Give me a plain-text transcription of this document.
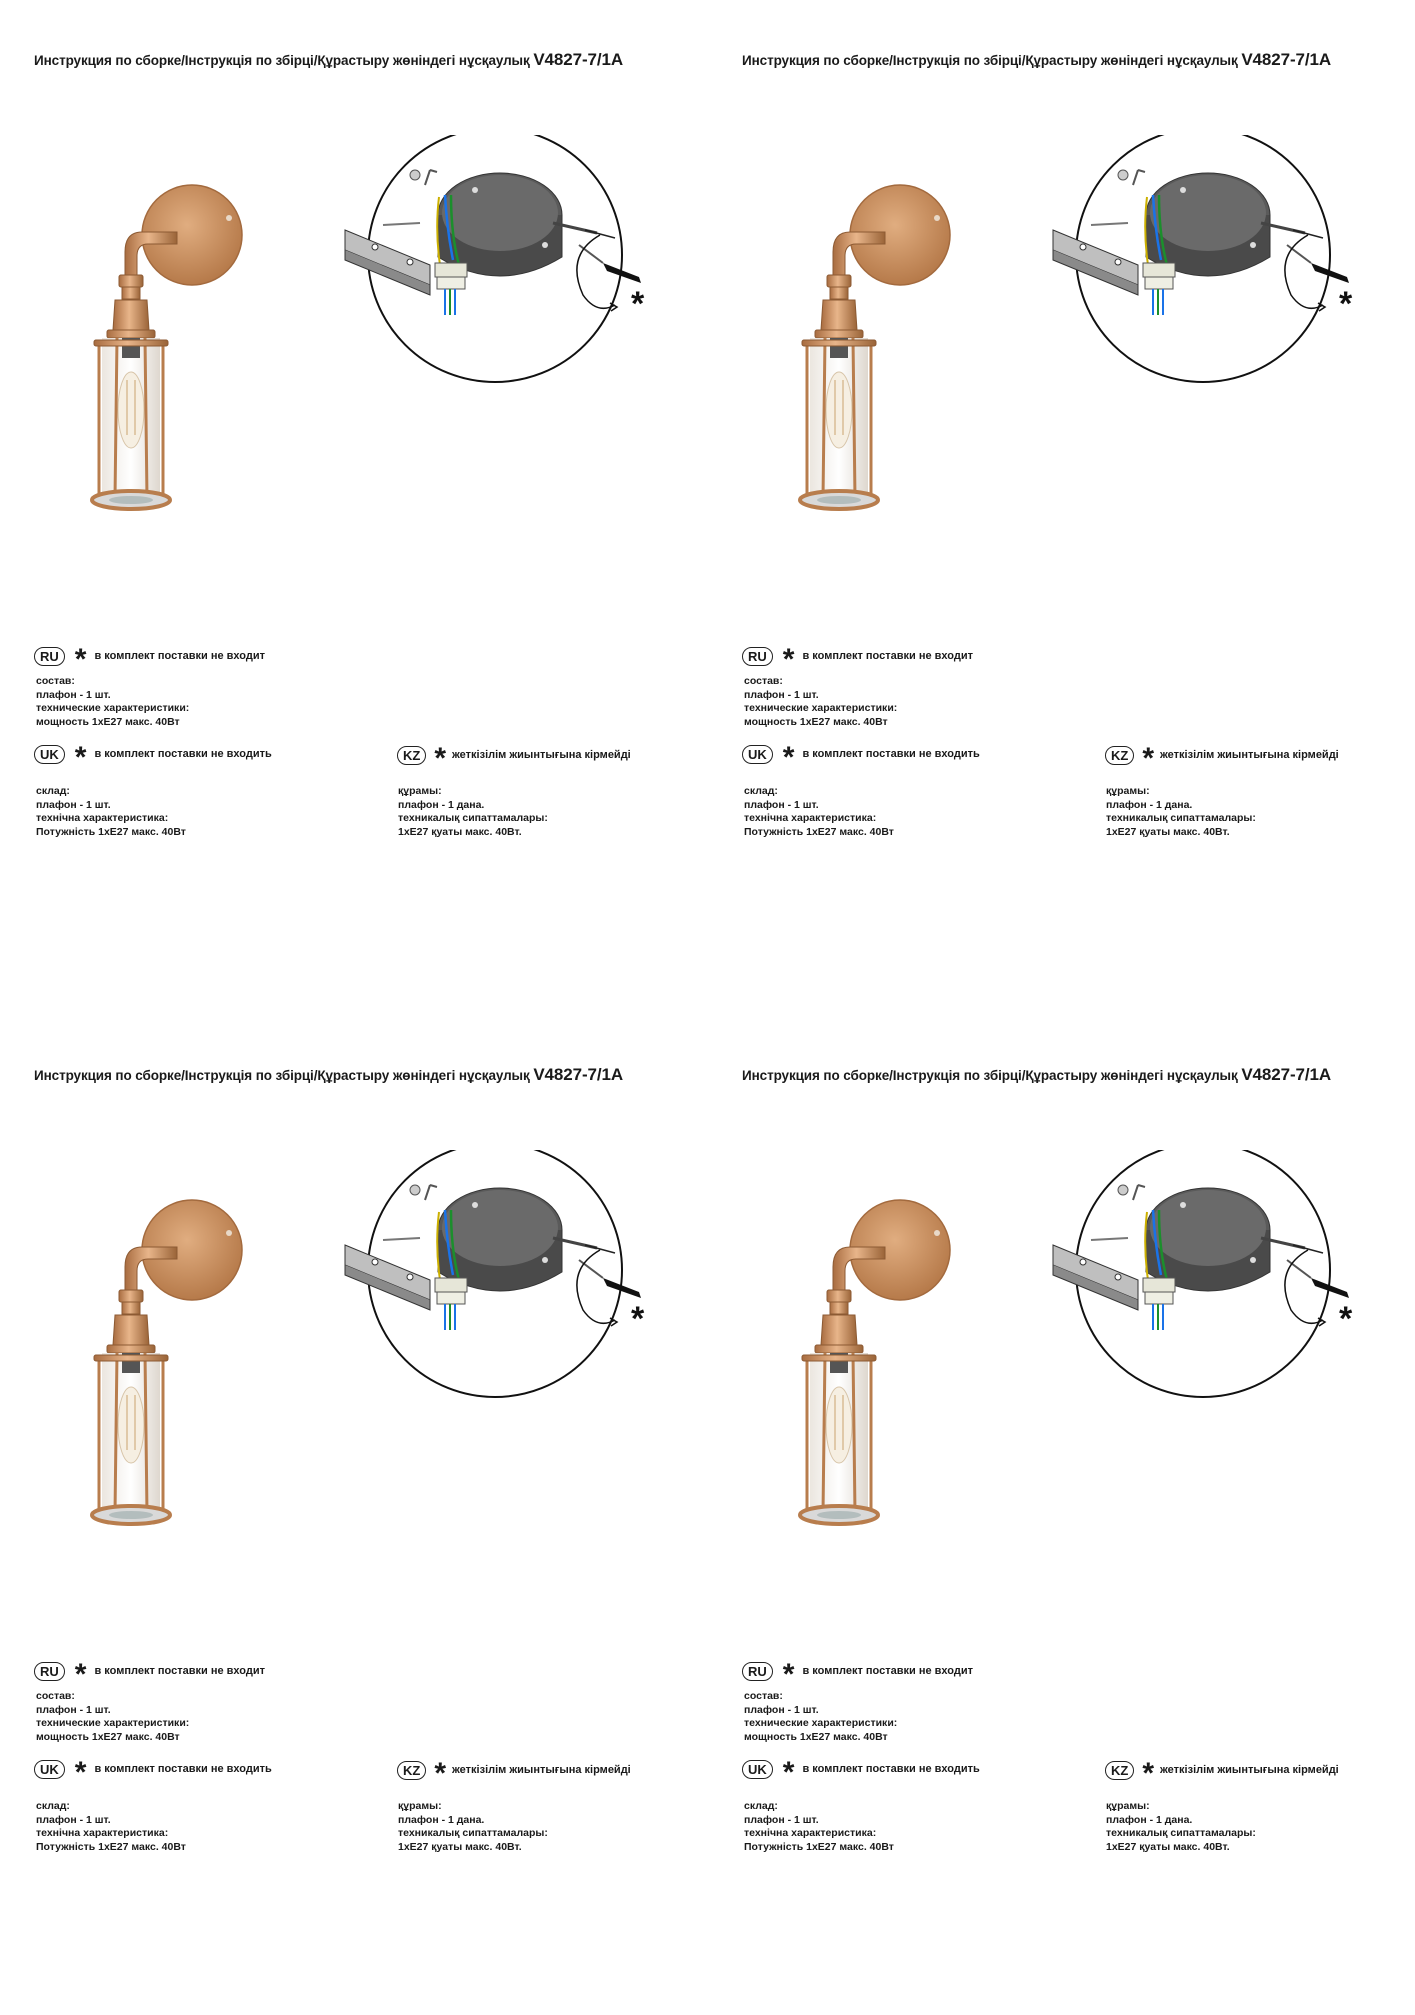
Инструкция по сборке/Інструкція по збірці/Құрастыру жөніндегі нұсқаулық V4827-7/1A
*
RU * в комплект поставки не входит
состав:
плафон - 1 шт.
технические характеристики:
мощность 1хЕ27 макс. 40Вт
UK * в комплект поставки не входить
склад:
плафон - 1 шт.
технічна характеристика:
Потужність 1хЕ27 макс. 40Вт
KZ * жеткізілім жиынтығына кірмейді
құрамы:
плафон - 1 дана.
техникалық сипаттамалары:
1хЕ27 қуаты макс. 40Вт.
Инструкция по сборке/Інструкція по збірці/Құрастыру жөніндегі нұсқаулық V4827-7/1A
*
RU * в комплект поставки не входит
состав:
плафон - 1 шт.
технические характеристики:
мощность 1хЕ27 макс. 40Вт
UK * в комплект поставки не входить
склад:
плафон - 1 шт.
технічна характеристика:
Потужність 1хЕ27 макс. 40Вт
KZ * жеткізілім жиынтығына кірмейді
құрамы:
плафон - 1 дана.
техникалық сипаттамалары:
1хЕ27 қуаты макс. 40Вт.
Инструкция по сборке/Інструкція по збірці/Құрастыру жөніндегі нұсқаулық V4827-7/1A
*
RU * в комплект поставки не входит
состав:
плафон - 1 шт.
технические характеристики:
мощность 1хЕ27 макс. 40Вт
UK * в комплект поставки не входить
склад:
плафон - 1 шт.
технічна характеристика:
Потужність 1хЕ27 макс. 40Вт
KZ * жеткізілім жиынтығына кірмейді
құрамы:
плафон - 1 дана.
техникалық сипаттамалары:
1хЕ27 қуаты макс. 40Вт.
Инструкция по сборке/Інструкція по збірці/Құрастыру жөніндегі нұсқаулық V4827-7/1A
*
RU * в комплект поставки не входит
состав:
плафон - 1 шт.
технические характеристики:
мощность 1хЕ27 макс. 40Вт
UK * в комплект поставки не входить
склад:
плафон - 1 шт.
технічна характеристика:
Потужність 1хЕ27 макс. 40Вт
KZ * жеткізілім жиынтығына кірмейді
құрамы:
плафон - 1 дана.
техникалық сипаттамалары:
1хЕ27 қуаты макс. 40Вт.
